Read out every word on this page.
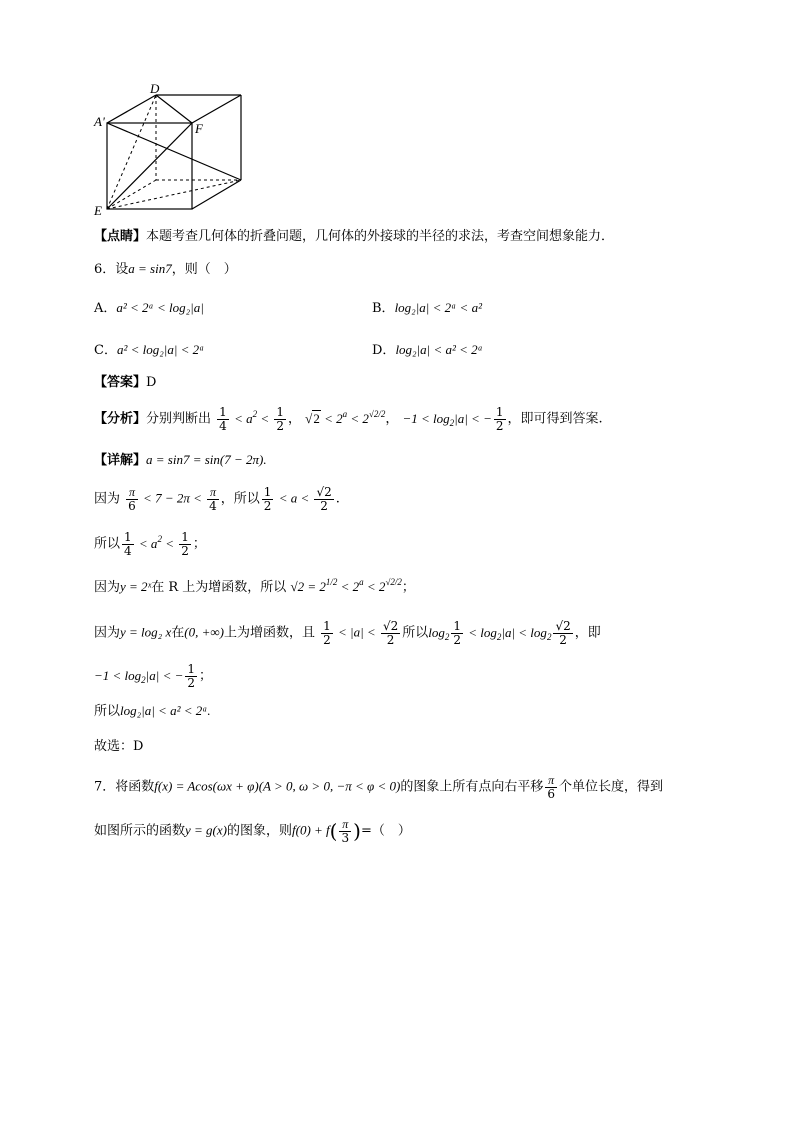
D
A'	F
E
【点睛】本题考查几何体的折叠问题，几何体的外接球的半径的求法，考查空间想象能力．
6．设a = sin7，则（　）
A．a² < 2ᵃ < log₂|a|	B．log₂|a| < 2ᵃ < a²
C．a² < log₂|a| < 2ᵃ	D．log₂|a| < a² < 2ᵃ
【答案】D
【分析】分别判断出 $\frac{1}{4} < a^2 < \frac{1}{2}$ ， $√2 < 2^a < 2^{√2/2}$， $-1 < \log_2|a|$ < − $\frac{1}{2}$ ，即可得到答案.
【详解】a = sin7 = sin(7 − 2π).
因为 $\frac{\pi}{6} < 7 - 2\pi < \frac{\pi}{4}$ ，所以 $\frac{1}{2} < a < \frac{√2}{2}$ .
所以 $\frac{1}{4} < a^2 < \frac{1}{2}$ ；
因为y = 2ˣ在 R 上为增函数，所以 $√2 = 2^{1/2} < 2^a < 2^{√2/2}$；
因为y = log₂ x在(0, +∞)上为增函数，且 $\frac{1}{2} < |a| < \frac{√2}{2}$ 所以$\log_2 \frac{1}{2} < \log_2|a| < \log_2 \frac{√2}{2}$ ，即
$-1 < \log_2|a|$ < − $\frac{1}{2}$ ；
所以log₂|a| < a² < 2ᵃ.
故选：D
7．将函数f(x) = Acos(ωx + φ)(A > 0, ω > 0, −π < φ < 0)的图象上所有点向右平移 $\frac{\pi}{6}$ 个单位长度，得到
如图所示的函数y = g(x)的图象，则$f(0) + f( \frac{\pi}{3}$ )=（　）
